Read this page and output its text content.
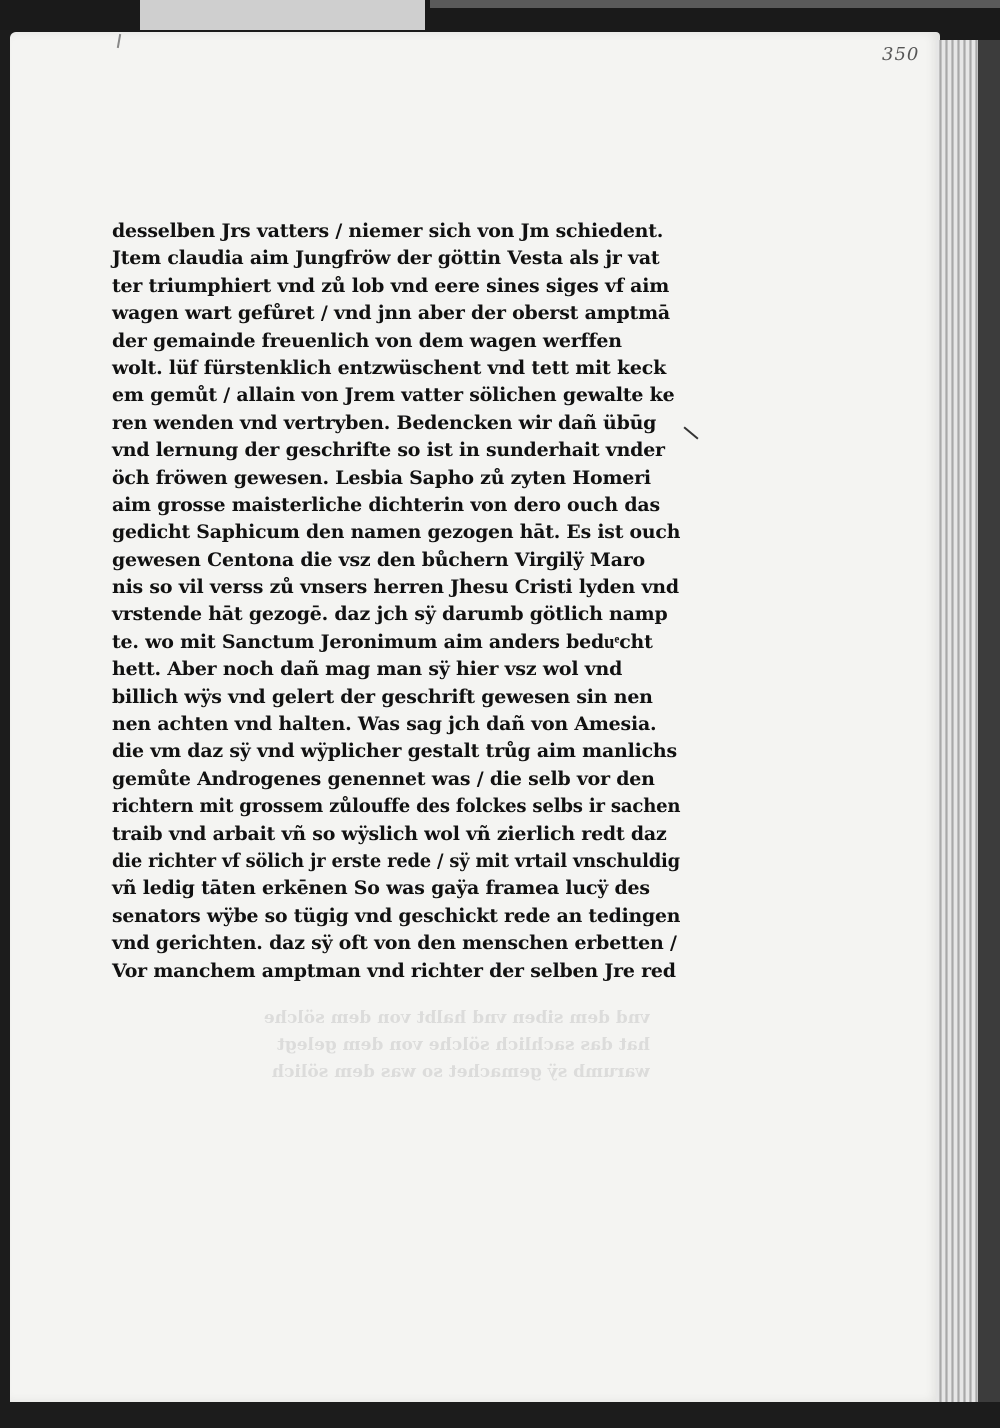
350
vnd dem siben vnd halbt von dem sölche
hat das sachlich sölche von dem gelegt
warumb sÿ gemachet so was dem sölich
desselben Jrs vatters / niemer sich von Jm schiedent.
Jtem claudia aim Jungfröw der göttin Vesta als jr vat
ter triumphiert vnd zů lob vnd eere sines siges vf aim
wagen wart gefůret / vnd jnn aber der oberst amptmā
der gemainde freuenlich von dem wagen werffen
wolt. lüf fürstenklich entzwüschent vnd tett mit keck
em gemůt / allain von Jrem vatter sölichen gewalte ke
ren wenden vnd vertryben. Bedencken wir dañ übūg
vnd lernung der geschrifte so ist in sunderhait vnder
öch fröwen gewesen. Lesbia Sapho zů zyten Homeri
aim grosse maisterliche dichterin von dero ouch das
gedicht Saphicum den namen gezogen hāt. Es ist ouch
gewesen Centona die vsz den bůchern Virgilÿ Maro
nis so vil verss zů vnsers herren Jhesu Cristi lyden vnd
vrstende hāt gezogē. daz jch sÿ darumb götlich namp
te. wo mit Sanctum Jeronimum aim anders beduͤcht
hett. Aber noch dañ mag man sÿ hier vsz wol vnd
billich wÿs vnd gelert der geschrift gewesen sin nen
nen achten vnd halten. Was sag jch dañ von Amesia.
die vm daz sÿ vnd wÿplicher gestalt trůg aim manlichs
gemůte Androgenes genennet was / die selb vor den
richtern mit grossem zůlouffe des folckes selbs ir sachen
traib vnd arbait vñ so wÿslich wol vñ zierlich redt daz
die richter vf sölich jr erste rede / sÿ mit vrtail vnschuldig
vñ ledig tāten erkēnen So was gaÿa framea lucÿ des
senators wÿbe so tügig vnd geschickt rede an tedingen
vnd gerichten. daz sÿ oft von den menschen erbetten /
Vor manchem amptman vnd richter der selben Jre red
